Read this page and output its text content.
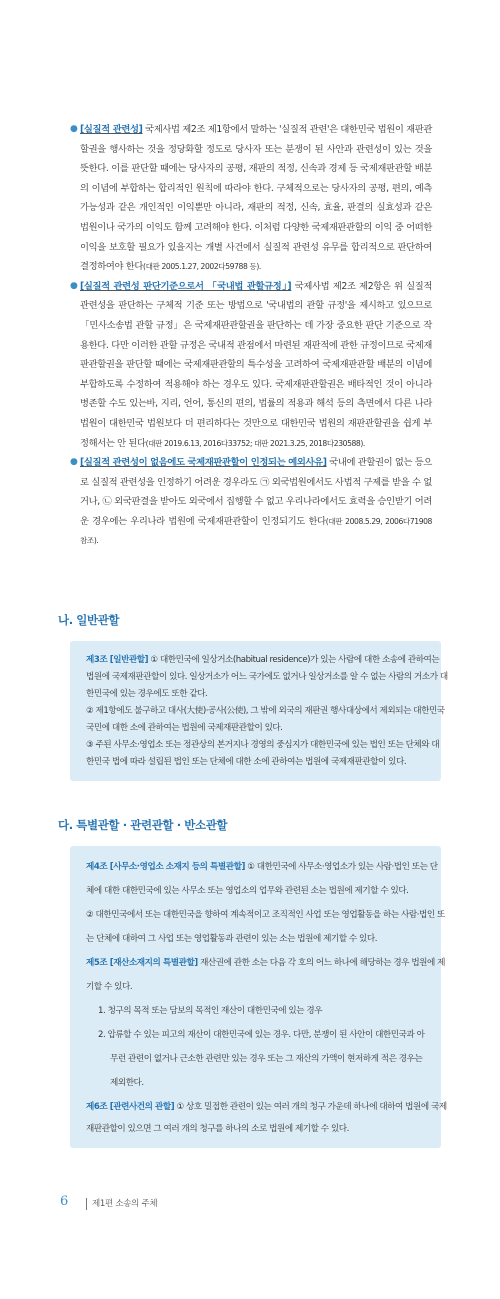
● [실질적 관련성] 국제사법 제2조 제1항에서 말하는 '실질적 관련'은 대한민국 법원이 재판관할권을 행사하는 것을 정당화할 정도로 당사자 또는 분쟁이 된 사안과 관련성이 있는 것을 뜻한다. 이를 판단할 때에는 당사자의 공평, 재판의 적정, 신속과 경제 등 국제재판관할 배분의 이념에 부합하는 합리적인 원칙에 따라야 한다. 구체적으로는 당사자의 공평, 편의, 예측가능성과 같은 개인적인 이익뿐만 아니라, 재판의 적정, 신속, 효율, 판결의 실효성과 같은 법원이나 국가의 이익도 함께 고려해야 한다. 이처럼 다양한 국제재판관할의 이익 중 어떠한 이익을 보호할 필요가 있을지는 개별 사건에서 실질적 관련성 유무를 합리적으로 판단하여 결정하여야 한다(대판 2005.1.27, 2002다59788 등).
● [실질적 관련성 판단기준으로서 「국내법 관할규정」] 국제사법 제2조 제2항은 위 실질적 관련성을 판단하는 구체적 기준 또는 방법으로 '국내법의 관할 규정'을 제시하고 있으므로 「민사소송법 관할 규정」은 국제재판관할권을 판단하는 데 가장 중요한 판단 기준으로 작용한다. 다만 이러한 관할 규정은 국내적 관점에서 마련된 재판적에 관한 규정이므로 국제재판관할권을 판단할 때에는 국제재판관할의 특수성을 고려하여 국제재판관할 배분의 이념에 부합하도록 수정하여 적용해야 하는 경우도 있다. 국제재판관할권은 배타적인 것이 아니라 병존할 수도 있는바, 지리, 언어, 통신의 편의, 법률의 적용과 해석 등의 측면에서 다른 나라 법원이 대한민국 법원보다 더 편리하다는 것만으로 대한민국 법원의 재판관할권을 쉽게 부정해서는 안 된다(대판 2019.6.13, 2016다33752; 대판 2021.3.25, 2018다230588).
● [실질적 관련성이 없음에도 국제재판관할이 인정되는 예외사유] 국내에 관할권이 없는 등으로 실질적 관련성을 인정하기 어려운 경우라도 ㉠ 외국법원에서도 사법적 구제를 받을 수 없거나, ㉡ 외국판결을 받아도 외국에서 집행할 수 없고 우리나라에서도 효력을 승인받기 어려운 경우에는 우리나라 법원에 국제재판관할이 인정되기도 한다(대판 2008.5.29, 2006다71908 참조).
나. 일반관할
제3조 [일반관할] ① 대한민국에 일상거소(habitual residence)가 있는 사람에 대한 소송에 관하여는
법원에 국제재판관할이 있다. 일상거소가 어느 국가에도 없거나 일상거소를 알 수 없는 사람의 거소가 대
한민국에 있는 경우에도 또한 같다.
② 제1항에도 불구하고 대사(大使)·공사(公使), 그 밖에 외국의 재판권 행사대상에서 제외되는 대한민국
국민에 대한 소에 관하여는 법원에 국제재판관할이 있다.
③ 주된 사무소·영업소 또는 정관상의 본거지나 경영의 중심지가 대한민국에 있는 법인 또는 단체와 대
한민국 법에 따라 설립된 법인 또는 단체에 대한 소에 관하여는 법원에 국제재판관할이 있다.
다. 특별관할 · 관련관할 · 반소관할
제4조 [사무소·영업소 소재지 등의 특별관할] ① 대한민국에 사무소·영업소가 있는 사람·법인 또는 단
체에 대한 대한민국에 있는 사무소 또는 영업소의 업무와 관련된 소는 법원에 제기할 수 있다.
② 대한민국에서 또는 대한민국을 향하여 계속적이고 조직적인 사업 또는 영업활동을 하는 사람·법인 또
는 단체에 대하여 그 사업 또는 영업활동과 관련이 있는 소는 법원에 제기할 수 있다.
제5조 [재산소재지의 특별관할] 재산권에 관한 소는 다음 각 호의 어느 하나에 해당하는 경우 법원에 제
기할 수 있다.
1. 청구의 목적 또는 담보의 목적인 재산이 대한민국에 있는 경우
2. 압류할 수 있는 피고의 재산이 대한민국에 있는 경우. 다만, 분쟁이 된 사안이 대한민국과 아
무런 관련이 없거나 근소한 관련만 있는 경우 또는 그 재산의 가액이 현저하게 적은 경우는
제외한다.
제6조 [관련사건의 관할] ① 상호 밀접한 관련이 있는 여러 개의 청구 가운데 하나에 대하여 법원에 국제
재판관할이 있으면 그 여러 개의 청구를 하나의 소로 법원에 제기할 수 있다.
6	제1편 소송의 주체
